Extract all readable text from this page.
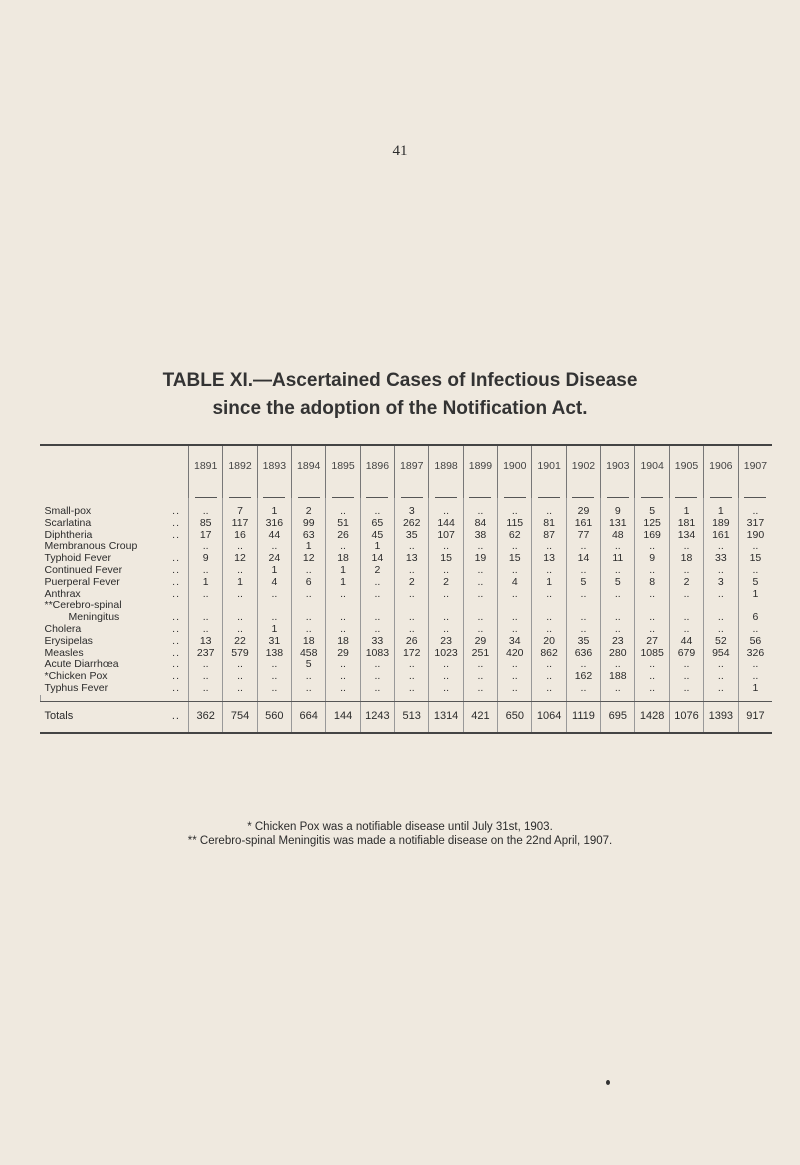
41
TABLE XI.—Ascertained Cases of Infectious Disease
since the adoption of the Notification Act.
	1891	1892	1893	1894	1895	1896	1897	1898	1899	1900	1901	1902	1903	1904	1905	1906	1907

Small-pox ..	..	7	1	2	..	..	3	..	..	..	..	29	9	5	1	1	..
Scarlatina ..	85	117	316	99	51	65	262	144	84	115	81	161	131	125	181	189	317
Diphtheria ..	17	16	44	63	26	45	35	107	38	62	87	77	48	169	134	161	190
Membranous Croup	..	..	..	1	..	1	..	..	..	..	..	..	..	..	..	..	..
Typhoid Fever ..	9	12	24	12	18	14	13	15	19	15	13	14	11	9	18	33	15
Continued Fever ..	..	..	1	..	1	2	..	..	..	..	..	..	..	..	..	..	..
Puerperal Fever ..	1	1	4	6	1	..	2	2	..	4	1	5	5	8	2	3	5
Anthrax ..	..	..	..	..	..	..	..	..	..	..	..	..	..	..	..	..	1
**Cerebro-spinal																	
Meningitus ..	..	..	..	..	..	..	..	..	..	..	..	..	..	..	..	..	6
Cholera ..	..	..	1	..	..	..	..	..	..	..	..	..	..	..	..	..	..
Erysipelas ..	13	22	31	18	18	33	26	23	29	34	20	35	23	27	44	52	56
Measles ..	237	579	138	458	29	1083	172	1023	251	420	862	636	280	1085	679	954	326
Acute Diarrhœa ..	..	..	..	5	..	..	..	..	..	..	..	..	..	..	..	..	..
*Chicken Pox ..	..	..	..	..	..	..	..	..	..	..	..	162	188	..	..	..	..
Typhus Fever ..	..	..	..	..	..	..	..	..	..	..	..	..	..	..	..	..	1

Totals ..	362	754	560	664	144	1243	513	1314	421	650	1064	1119	695	1428	1076	1393	917

* Chicken Pox was a notifiable disease until July 31st, 1903.
** Cerebro-spinal Meningitis was made a notifiable disease on the 22nd April, 1907.
